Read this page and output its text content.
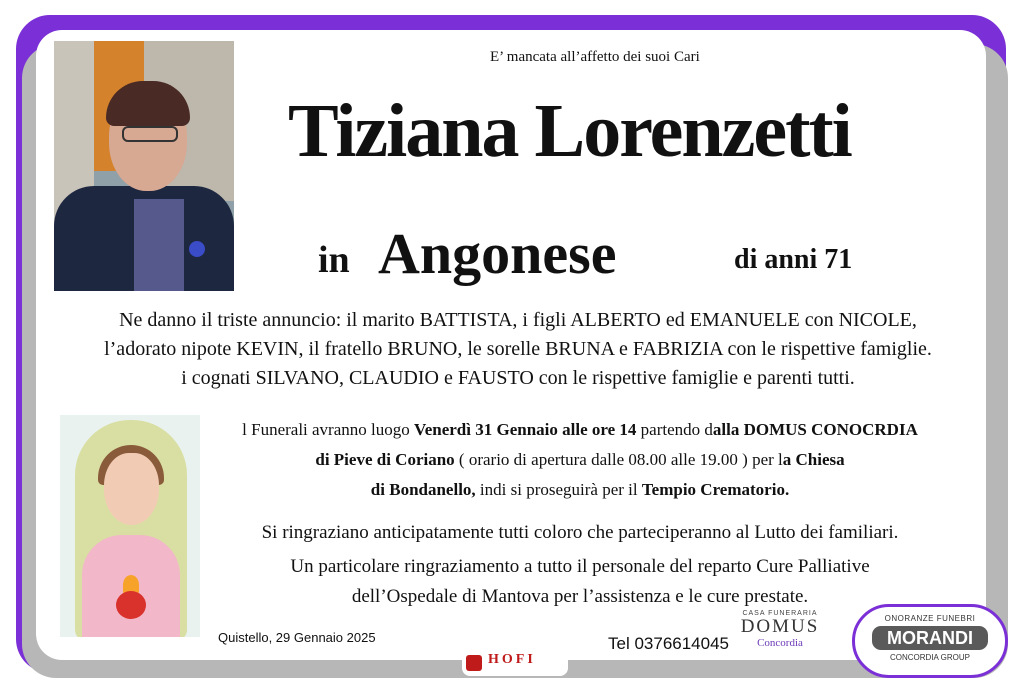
E’ mancata all’affetto dei suoi Cari
Tiziana Lorenzetti
in Angonese	di anni 71
Ne danno il triste annuncio: il marito BATTISTA, i figli ALBERTO ed EMANUELE con NICOLE,
l’adorato nipote KEVIN, il fratello BRUNO, le sorelle BRUNA e FABRIZIA con le rispettive famiglie.
i cognati SILVANO, CLAUDIO e FAUSTO con le rispettive famiglie e parenti tutti.
l Funerali avranno luogo Venerdì 31 Gennaio alle ore 14 partendo dalla DOMUS CONOCRDIA
di Pieve di Coriano ( orario di apertura dalle 08.00 alle 19.00 ) per la Chiesa
di Bondanello, indi si proseguirà per il Tempio Crematorio.
Si ringraziano anticipatamente tutti coloro che parteciperanno al Lutto dei familiari.
Un particolare ringraziamento a tutto il personale del reparto Cure Palliative
dell’Ospedale di Mantova per l’assistenza e le cure prestate.
Quistello, 29 Gennaio 2025	Tel 0376614045
CASA FUNERARIA
DOMUS
Concordia
HOFI
ONORANZE FUNEBRI
MORANDI
CONCORDIA GROUP
